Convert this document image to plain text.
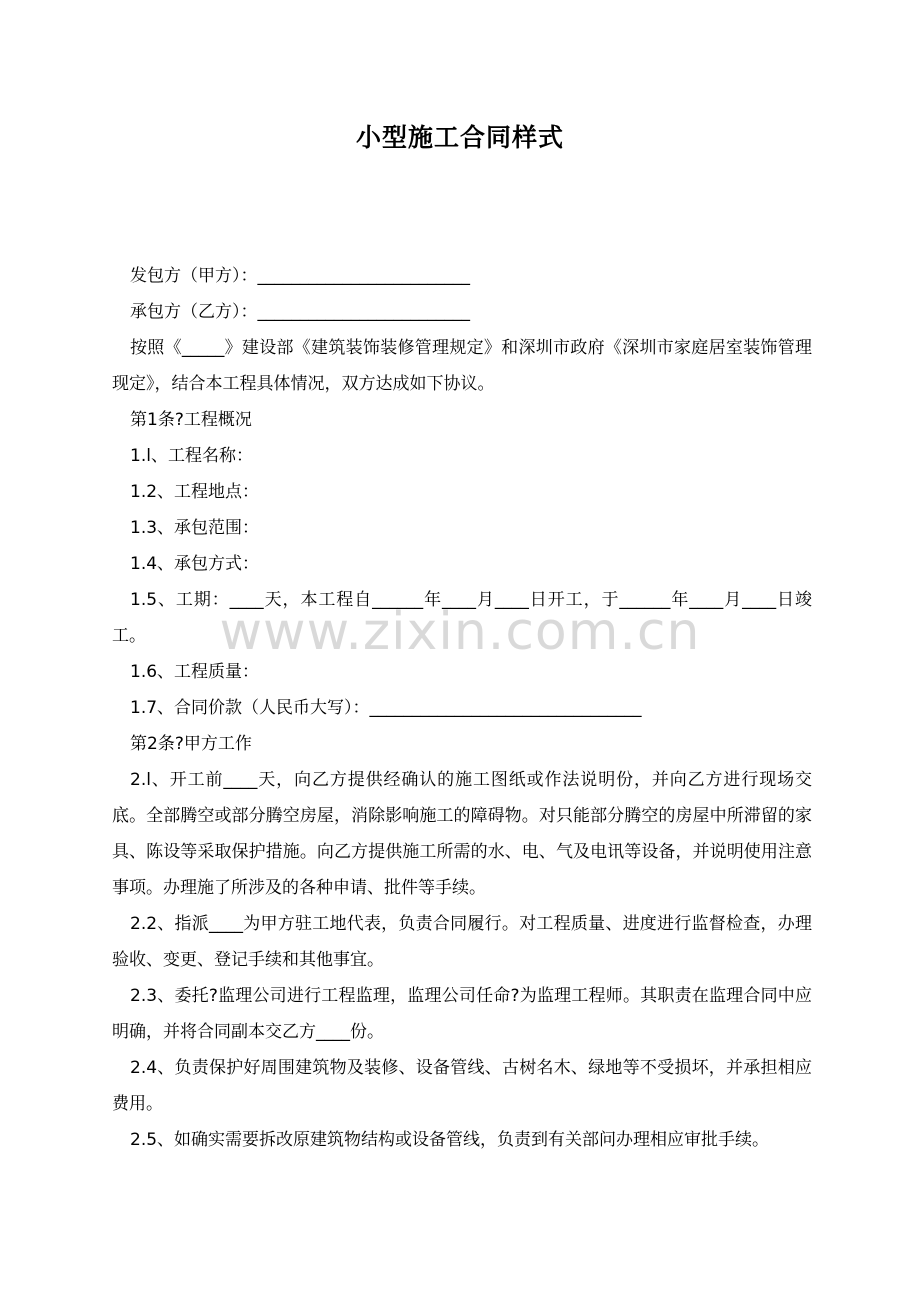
小型施工合同样式

发包方（甲方）：_________________________

承包方（乙方）：_________________________

按照《_____》建设部《建筑装饰装修管理规定》和深圳市政府《深圳市家庭居室装饰管理现定》，结合本工程具体情况，双方达成如下协议。

第1条?工程概况

1.l、工程名称：

1.2、工程地点：

1.3、承包范围：

1.4、承包方式：

1.5、工期：____天，本工程自______年____月____日开工，于______年____月____日竣工。

1.6、工程质量：

1.7、合同价款（人民币大写）：________________________________

第2条?甲方工作

2.l、开工前____天，向乙方提供经确认的施工图纸或作法说明份，并向乙方进行现场交底。全部腾空或部分腾空房屋，消除影响施工的障碍物。对只能部分腾空的房屋中所滞留的家具、陈设等采取保护措施。向乙方提供施工所需的水、电、气及电讯等设备，并说明使用注意事项。办理施了所涉及的各种申请、批件等手续。

2.2、指派____为甲方驻工地代表，负责合同履行。对工程质量、进度进行监督检查，办理验收、变更、登记手续和其他事宜。

2.3、委托?监理公司进行工程监理，监理公司任命?为监理工程师。其职责在监理合同中应明确，并将合同副本交乙方____份。

2.4、负责保护好周围建筑物及装修、设备管线、古树名木、绿地等不受损坏，并承担相应费用。

2.5、如确实需要拆改原建筑物结构或设备管线，负责到有关部问办理相应审批手续。

www.zixin.com.cn
